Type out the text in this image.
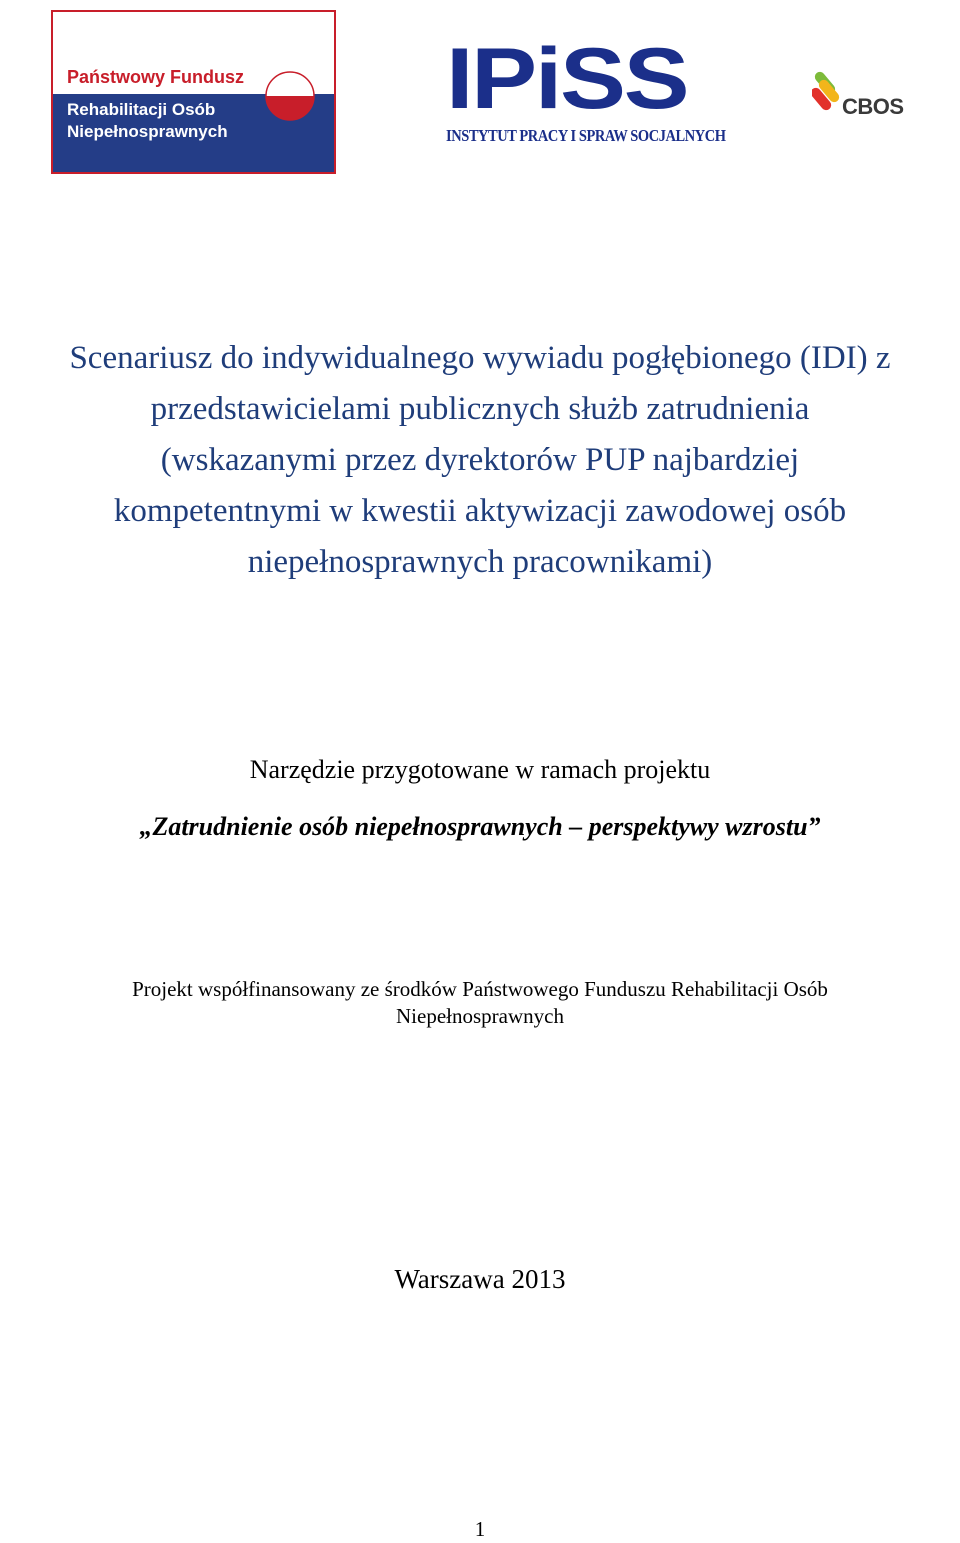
Państwowy Fundusz
Rehabilitacji Osób
Niepełnosprawnych
IPiSS
INSTYTUT PRACY I SPRAW SOCJALNYCH
CBOS
Scenariusz do indywidualnego wywiadu pogłębionego (IDI) z
przedstawicielami publicznych służb zatrudnienia
(wskazanymi przez dyrektorów PUP najbardziej
kompetentnymi w kwestii aktywizacji zawodowej osób
niepełnosprawnych pracownikami)
Narzędzie przygotowane w ramach projektu
„Zatrudnienie osób niepełnosprawnych – perspektywy wzrostu”
Projekt współfinansowany ze środków Państwowego Funduszu Rehabilitacji Osób
Niepełnosprawnych
Warszawa 2013
1
